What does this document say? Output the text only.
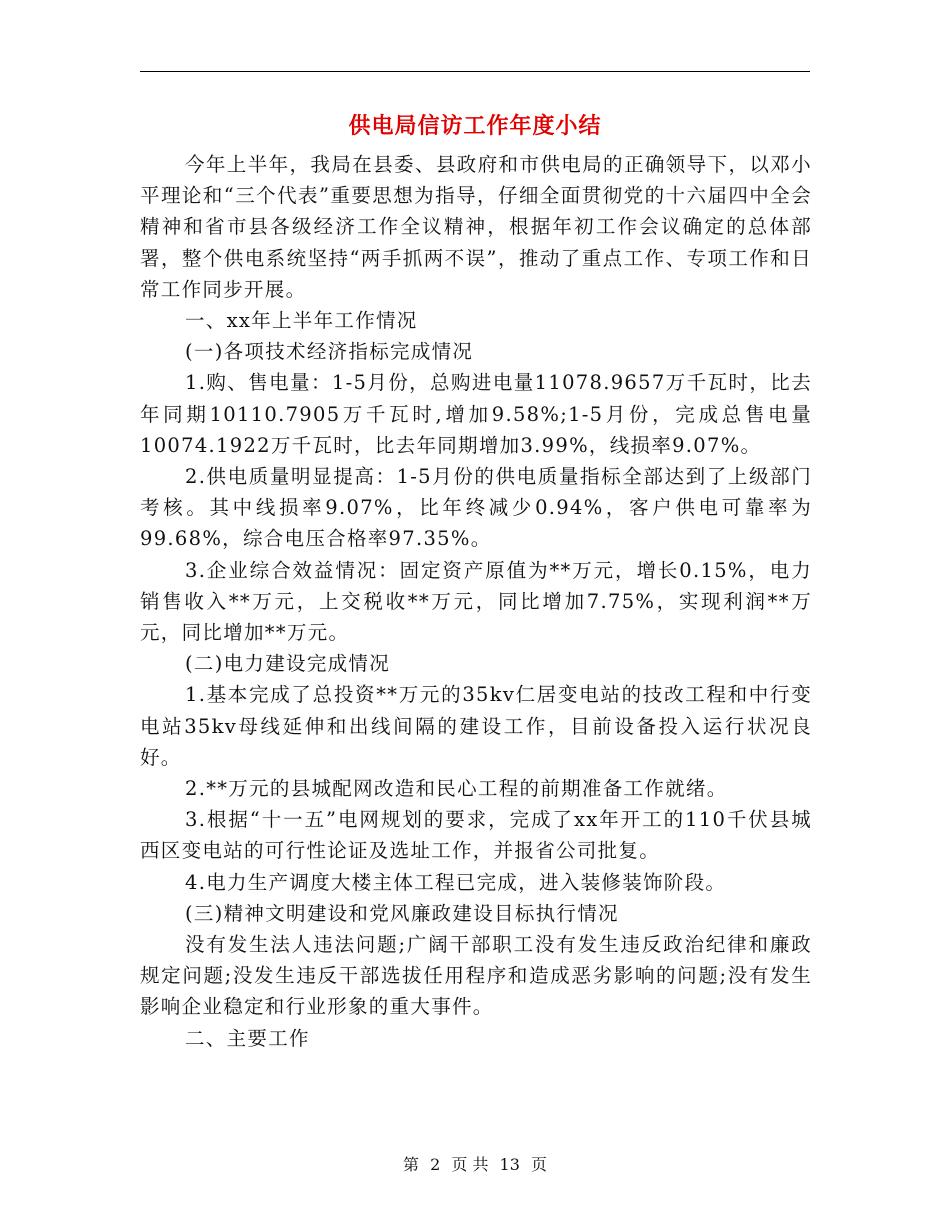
供电局信访工作年度小结

今年上半年，我局在县委、县政府和市供电局的正确领导下，以邓小平理论和“三个代表”重要思想为指导，仔细全面贯彻党的十六届四中全会精神和省市县各级经济工作全议精神，根据年初工作会议确定的总体部署，整个供电系统坚持“两手抓两不误”，推动了重点工作、专项工作和日常工作同步开展。

一、xx年上半年工作情况

(一)各项技术经济指标完成情况

1.购、售电量：1-5月份，总购进电量11078.9657万千瓦时，比去年同期10110.7905万千瓦时,增加9.58%;1-5月份，完成总售电量10074.1922万千瓦时，比去年同期增加3.99%，线损率9.07%。

2.供电质量明显提高：1-5月份的供电质量指标全部达到了上级部门考核。其中线损率9.07%，比年终减少0.94%，客户供电可靠率为99.68%，综合电压合格率97.35%。

3.企业综合效益情况：固定资产原值为**万元，增长0.15%，电力销售收入**万元，上交税收**万元，同比增加7.75%，实现利润**万元，同比增加**万元。

(二)电力建设完成情况

1.基本完成了总投资**万元的35kv仁居变电站的技改工程和中行变电站35kv母线延伸和出线间隔的建设工作，目前设备投入运行状况良好。

2.**万元的县城配网改造和民心工程的前期准备工作就绪。

3.根据“十一五”电网规划的要求，完成了xx年开工的110千伏县城西区变电站的可行性论证及选址工作，并报省公司批复。

4.电力生产调度大楼主体工程已完成，进入装修装饰阶段。

(三)精神文明建设和党风廉政建设目标执行情况

没有发生法人违法问题;广阔干部职工没有发生违反政治纪律和廉政规定问题;没发生违反干部选拔任用程序和造成恶劣影响的问题;没有发生影响企业稳定和行业形象的重大事件。

二、主要工作

第 2 页 共 13 页
